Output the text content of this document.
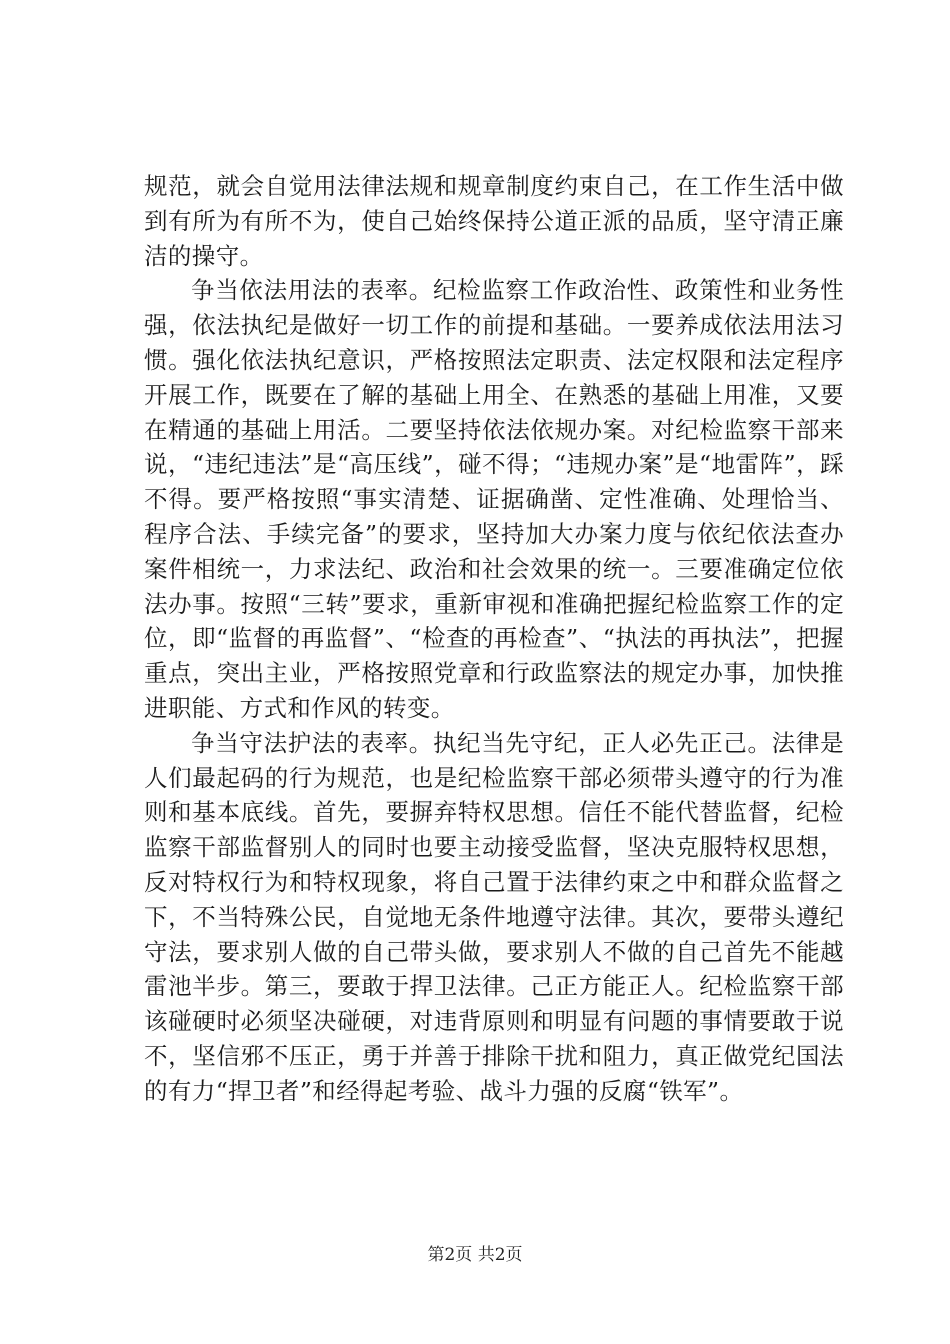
规范，就会自觉用法律法规和规章制度约束自己，在工作生活中做到有所为有所不为，使自己始终保持公道正派的品质，坚守清正廉洁的操守。

争当依法用法的表率。纪检监察工作政治性、政策性和业务性强，依法执纪是做好一切工作的前提和基础。一要养成依法用法习惯。强化依法执纪意识，严格按照法定职责、法定权限和法定程序开展工作，既要在了解的基础上用全、在熟悉的基础上用准，又要在精通的基础上用活。二要坚持依法依规办案。对纪检监察干部来说，“违纪违法”是“高压线”，碰不得；“违规办案”是“地雷阵”，踩不得。要严格按照“事实清楚、证据确凿、定性准确、处理恰当、程序合法、手续完备”的要求，坚持加大办案力度与依纪依法查办案件相统一，力求法纪、政治和社会效果的统一。三要准确定位依法办事。按照“三转”要求，重新审视和准确把握纪检监察工作的定位，即“监督的再监督”、“检查的再检查”、“执法的再执法”，把握重点，突出主业，严格按照党章和行政监察法的规定办事，加快推进职能、方式和作风的转变。

争当守法护法的表率。执纪当先守纪，正人必先正己。法律是人们最起码的行为规范，也是纪检监察干部必须带头遵守的行为准则和基本底线。首先，要摒弃特权思想。信任不能代替监督，纪检监察干部监督别人的同时也要主动接受监督，坚决克服特权思想，反对特权行为和特权现象，将自己置于法律约束之中和群众监督之下，不当特殊公民，自觉地无条件地遵守法律。其次，要带头遵纪守法，要求别人做的自己带头做，要求别人不做的自己首先不能越雷池半步。第三，要敢于捍卫法律。己正方能正人。纪检监察干部该碰硬时必须坚决碰硬，对违背原则和明显有问题的事情要敢于说不，坚信邪不压正，勇于并善于排除干扰和阻力，真正做党纪国法的有力“捍卫者”和经得起考验、战斗力强的反腐“铁军”。

第2页 共2页
